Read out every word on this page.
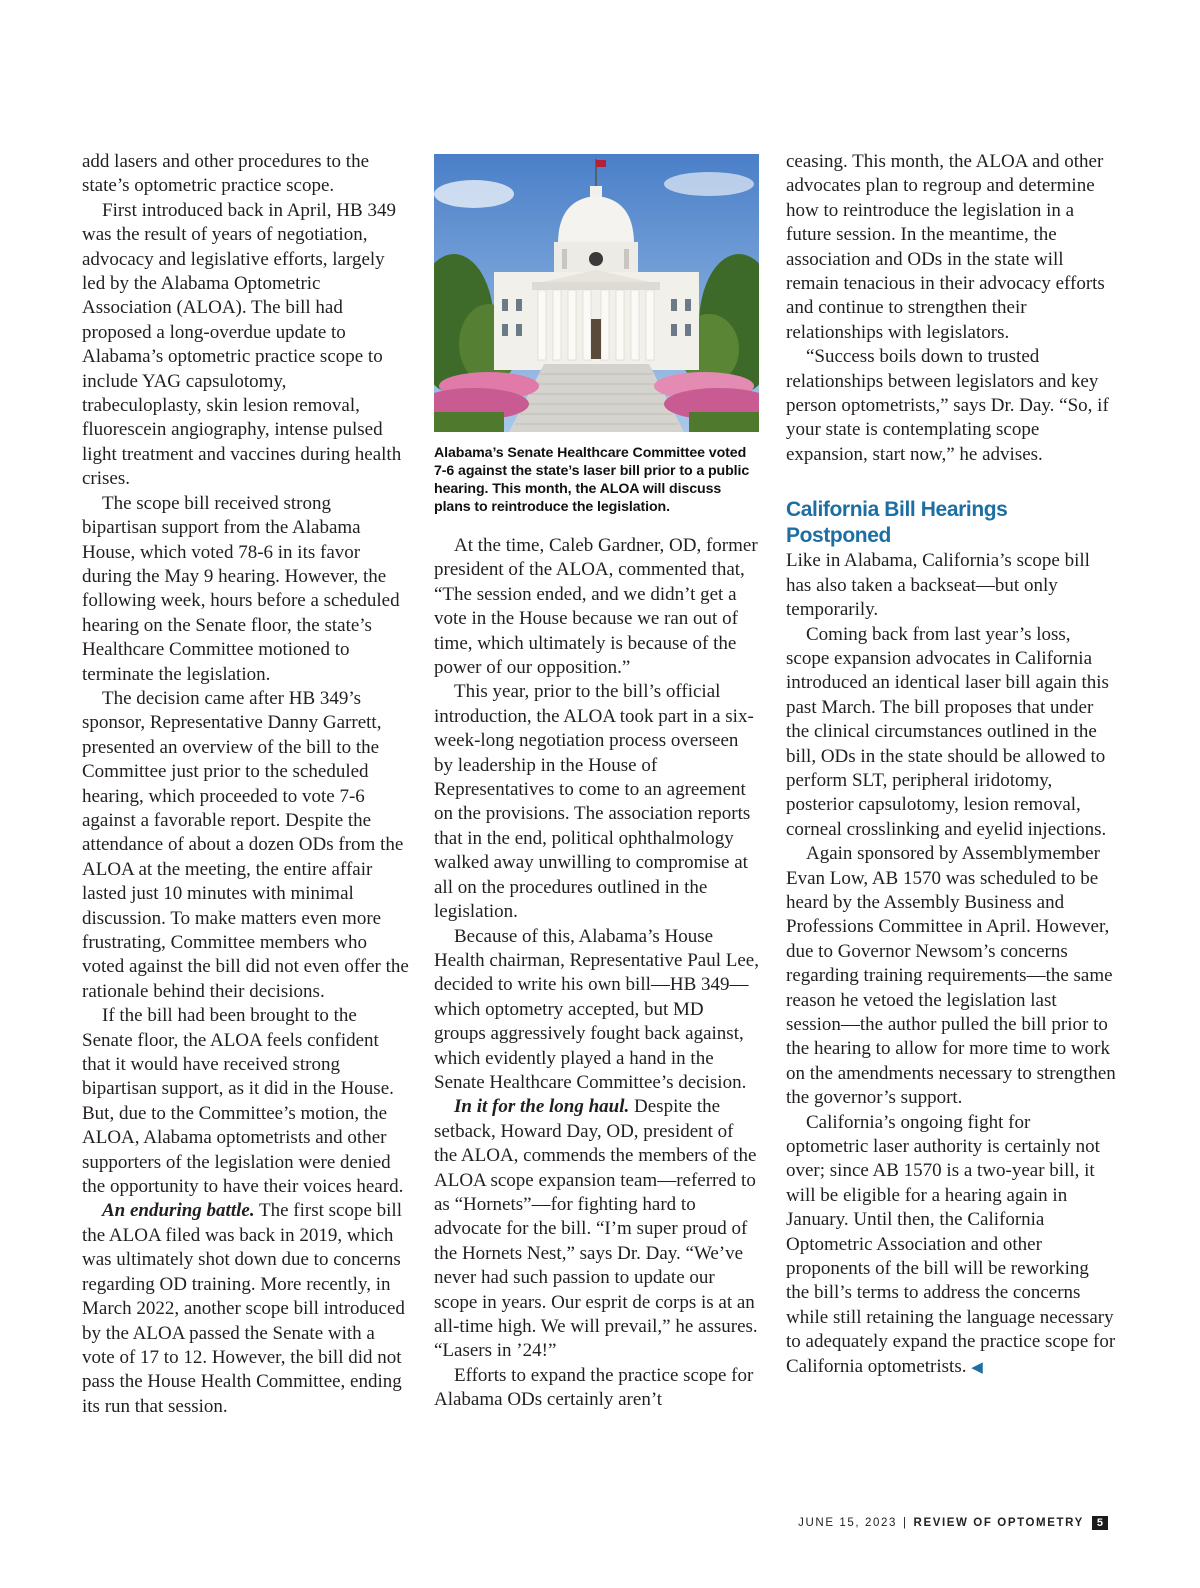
add lasers and other procedures to the state’s optometric practice scope.

First introduced back in April, HB 349 was the result of years of negotiation, advocacy and legislative efforts, largely led by the Alabama Optometric Association (ALOA). The bill had proposed a long-overdue update to Alabama’s optometric practice scope to include YAG capsulotomy, trabeculoplasty, skin lesion removal, fluorescein angiography, intense pulsed light treatment and vaccines during health crises.

The scope bill received strong bipartisan support from the Alabama House, which voted 78-6 in its favor during the May 9 hearing. However, the following week, hours before a scheduled hearing on the Senate floor, the state’s Healthcare Committee motioned to terminate the legislation.

The decision came after HB 349’s sponsor, Representative Danny Garrett, presented an overview of the bill to the Committee just prior to the scheduled hearing, which proceeded to vote 7-6 against a favorable report. Despite the attendance of about a dozen ODs from the ALOA at the meeting, the entire affair lasted just 10 minutes with minimal discussion. To make matters even more frustrating, Committee members who voted against the bill did not even offer the rationale behind their decisions.

If the bill had been brought to the Senate floor, the ALOA feels confident that it would have received strong bipartisan support, as it did in the House. But, due to the Committee’s motion, the ALOA, Alabama optometrists and other supporters of the legislation were denied the opportunity to have their voices heard.

An enduring battle. The first scope bill the ALOA filed was back in 2019, which was ultimately shot down due to concerns regarding OD training. More recently, in March 2022, another scope bill introduced by the ALOA passed the Senate with a vote of 17 to 12. However, the bill did not pass the House Health Committee, ending its run that session.

Alabama’s Senate Healthcare Committee voted 7-6 against the state’s laser bill prior to a public hearing. This month, the ALOA will discuss plans to reintroduce the legislation.

At the time, Caleb Gardner, OD, former president of the ALOA, commented that, “The session ended, and we didn’t get a vote in the House because we ran out of time, which ultimately is because of the power of our opposition.”

This year, prior to the bill’s official introduction, the ALOA took part in a six-week-long negotiation process overseen by leadership in the House of Representatives to come to an agreement on the provisions. The association reports that in the end, political ophthalmology walked away unwilling to compromise at all on the procedures outlined in the legislation.

Because of this, Alabama’s House Health chairman, Representative Paul Lee, decided to write his own bill—HB 349—which optometry accepted, but MD groups aggressively fought back against, which evidently played a hand in the Senate Healthcare Committee’s decision.

In it for the long haul. Despite the setback, Howard Day, OD, president of the ALOA, commends the members of the ALOA scope expansion team—referred to as “Hornets”—for fighting hard to advocate for the bill. “I’m super proud of the Hornets Nest,” says Dr. Day. “We’ve never had such passion to update our scope in years. Our esprit de corps is at an all-time high. We will prevail,” he assures. “Lasers in ’24!”

Efforts to expand the practice scope for Alabama ODs certainly aren’t

ceasing. This month, the ALOA and other advocates plan to regroup and determine how to reintroduce the legislation in a future session. In the meantime, the association and ODs in the state will remain tenacious in their advocacy efforts and continue to strengthen their relationships with legislators.

“Success boils down to trusted relationships between legislators and key person optometrists,” says Dr. Day. “So, if your state is contemplating scope expansion, start now,” he advises.

California Bill Hearings Postponed

Like in Alabama, California’s scope bill has also taken a backseat—but only temporarily.

Coming back from last year’s loss, scope expansion advocates in California introduced an identical laser bill again this past March. The bill proposes that under the clinical circumstances outlined in the bill, ODs in the state should be allowed to perform SLT, peripheral iridotomy, posterior capsulotomy, lesion removal, corneal crosslinking and eyelid injections.

Again sponsored by Assemblymember Evan Low, AB 1570 was scheduled to be heard by the Assembly Business and Professions Committee in April. However, due to Governor Newsom’s concerns regarding training requirements—the same reason he vetoed the legislation last session—the author pulled the bill prior to the hearing to allow for more time to work on the amendments necessary to strengthen the governor’s support.

California’s ongoing fight for optometric laser authority is certainly not over; since AB 1570 is a two-year bill, it will be eligible for a hearing again in January. Until then, the California Optometric Association and other proponents of the bill will be reworking the bill’s terms to address the concerns while still retaining the language necessary to adequately expand the practice scope for California optometrists. ◀

JUNE 15, 2023 | REVIEW OF OPTOMETRY	5
